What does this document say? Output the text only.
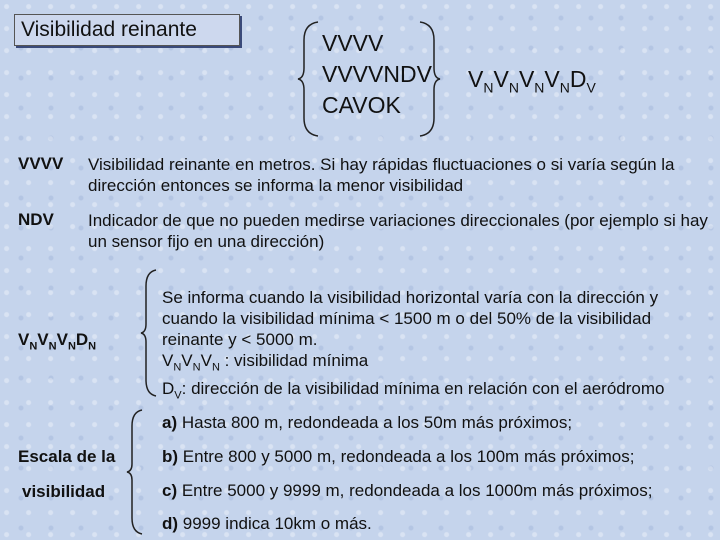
Visibilidad reinante
VVVV
VVVVNDV
CAVOK
$V_NV_NV_NV_ND_V$
VVVV Visibilidad reinante en metros. Si hay rápidas fluctuaciones o si varía según la dirección entonces se informa la menor visibilidad
NDV Indicador de que no pueden medirse variaciones direccionales (por ejemplo si hay un sensor fijo en una dirección)
$V_NV_NV_ND_N$
Se informa cuando la visibilidad horizontal varía con la dirección y cuando la visibilidad mínima < 1500 m o del 50% de la visibilidad reinante y < 5000 m.
$V_NV_NV_N$ : visibilidad mínima
$D_V$: dirección de la visibilidad mínima en relación con el aeródromo
Escala de la
visibilidad
a) Hasta 800 m, redondeada a los 50m más próximos;
b) Entre 800 y 5000 m, redondeada a los 100m más próximos;
c) Entre 5000 y 9999 m, redondeada a los 1000m más próximos;
d) 9999 indica 10km o más.
